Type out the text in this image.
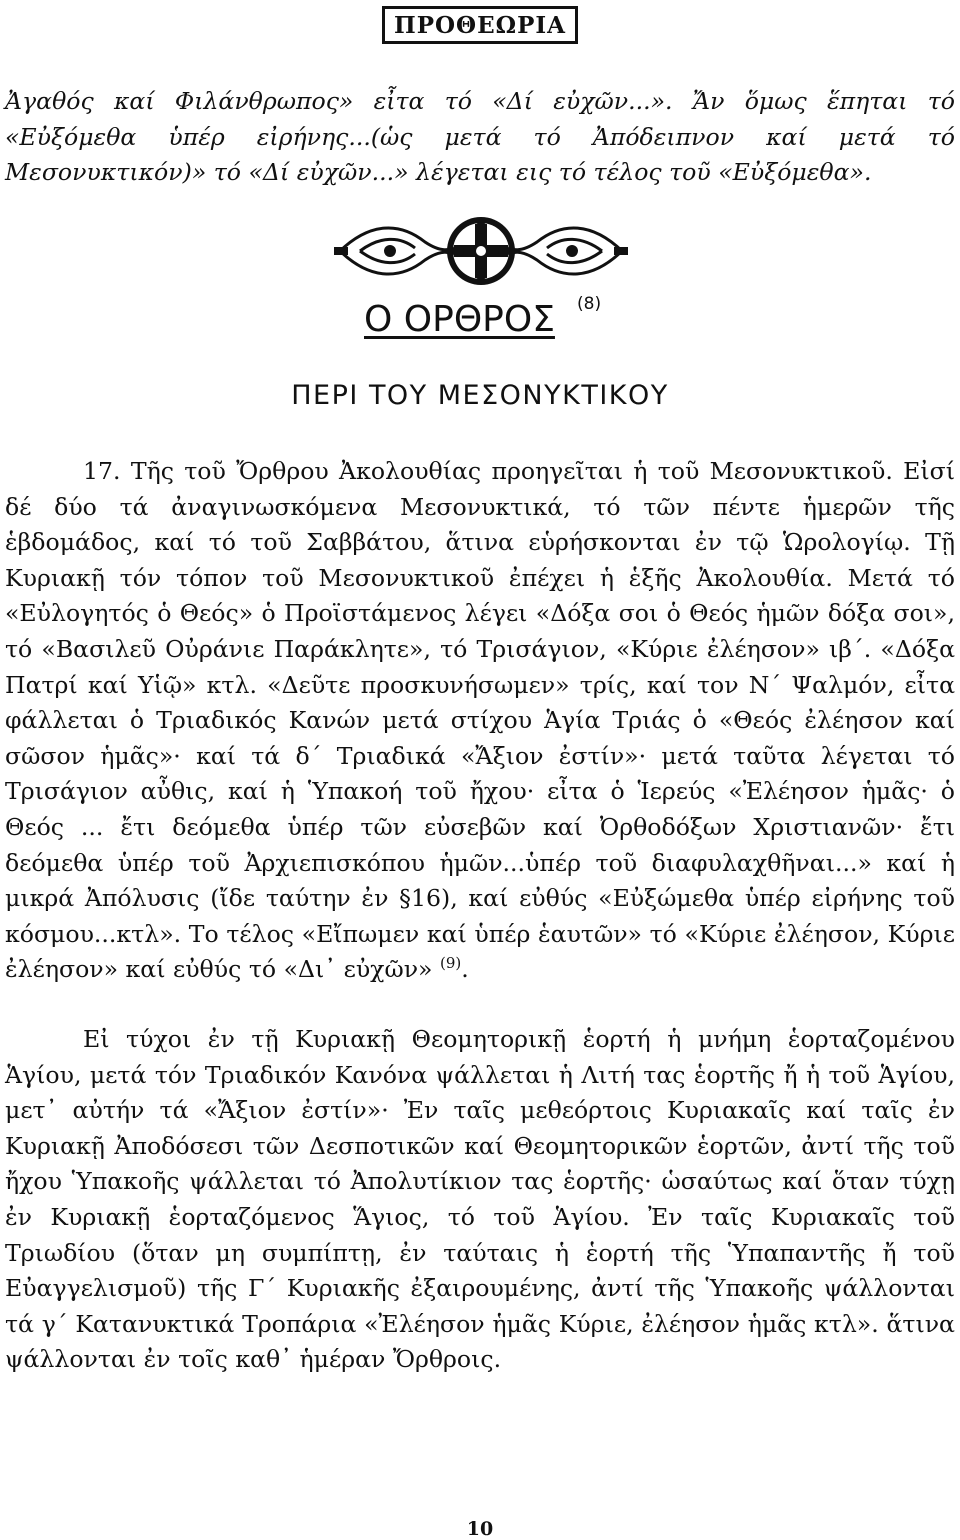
ΠΡΟΘΕΩΡΙΑ

Ἀγαθός καί Φιλάνθρωπος» εἶτα τό «Δί εὐχῶν...». Ἄν ὅμως ἕπηται τό «Εὐξόμεθα ὑπέρ εἰρήνης...(ὡς μετά τό Ἀπόδειπνον καί μετά τό Μεσονυκτικόν)» τό «Δί εὐχῶν...» λέγεται εις τό τέλος τοῦ «Εὐξόμεθα».

Ο ΟΡΘΡΟΣ (8)
ΠΕΡΙ ΤΟΥ ΜΕΣΟΝΥΚΤΙΚΟΥ

17. Τῆς τοῦ Ὄρθρου Ἀκολουθίας προηγεῖται ἡ τοῦ Μεσονυκτικοῦ. Εἰσί δέ δύο τά ἀναγινωσκόμενα Μεσονυκτικά, τό τῶν πέντε ἡμερῶν τῆς ἑβδομάδος, καί τό τοῦ Σαββάτου, ἅτινα εὑρήσκονται ἐν τῷ Ὡρολογίῳ. Τῇ Κυριακῇ τόν τόπον τοῦ Μεσονυκτικοῦ ἐπέχει ἡ ἑξῆς Ἀκολουθία. Μετά τό «Εὐλογητός ὁ Θεός» ὁ Προϊστάμενος λέγει «Δόξα σοι ὁ Θεός ἡμῶν δόξα σοι», τό «Βασιλεῦ Οὐράνιε Παράκλητε», τό Τρισάγιον, «Κύριε ἐλέησον» ιβ΄. «Δόξα Πατρί καί Υἱῷ» κτλ. «Δεῦτε προσκυνήσωμεν» τρίς, καί τον Ν΄ Ψαλμόν, εἶτα φάλλεται ὁ Τριαδικός Κανών μετά στίχου Ἁγία Τριάς ὁ «Θεός ἐλέησον καί σῶσον ἡμᾶς»· καί τά δ΄ Τριαδικά «Ἄξιον ἐστίν»· μετά ταῦτα λέγεται τό Τρισάγιον αὖθις, καί ἡ Ὑπακοή τοῦ ἤχου· εἶτα ὁ Ἱερεύς «Ἐλέησον ἡμᾶς· ὁ Θεός ... ἔτι δεόμεθα ὑπέρ τῶν εὐσεβῶν καί Ὀρθοδόξων Χριστιανῶν· ἔτι δεόμεθα ὑπέρ τοῦ Ἀρχιεπισκόπου ἡμῶν...ὑπέρ τοῦ διαφυλαχθῆναι...» καί ἡ μικρά Ἀπόλυσις (ἴδε ταύτην ἐν §16), καί εὐθύς «Εὐξώμεθα ὑπέρ εἰρήνης τοῦ κόσμου...κτλ». Το τέλος «Εἴπωμεν καί ὑπέρ ἑαυτῶν» τό «Κύριε ἐλέησον, Κύριε ἐλέησον» καί εὐθύς τό «Δι᾽ εὐχῶν» $^{(9)}$.

Εἰ τύχοι ἐν τῇ Κυριακῇ Θεομητορικῇ ἑορτή ἡ μνήμη ἑορταζομένου Ἁγίου, μετά τόν Τριαδικόν Κανόνα ψάλλεται ἡ Λιτή τας ἑορτῆς ἤ ἡ τοῦ Ἁγίου, μετ᾽ αὐτήν τά «Ἄξιον ἐστίν»· Ἐν ταῖς μεθεόρτοις Κυριακαῖς καί ταῖς ἐν Κυριακῇ Ἀποδόσεσι τῶν Δεσποτικῶν καί Θεομητορικῶν ἑορτῶν, ἀντί τῆς τοῦ ἤχου Ὑπακοῆς ψάλλεται τό Ἀπολυτίκιον τας ἑορτῆς· ὡσαύτως καί ὅταν τύχῃ ἐν Κυριακῇ ἑορταζόμενος Ἅγιος, τό τοῦ Ἁγίου. Ἐν ταῖς Κυριακαῖς τοῦ Τριωδίου (ὅταν μη συμπίπτῃ, ἐν ταύταις ἡ ἑορτή τῆς Ὑπαπαντῆς ἤ τοῦ Εὐαγγελισμοῦ) τῆς Γ΄ Κυριακῆς ἐξαιρουμένης, ἀντί τῆς Ὑπακοῆς ψάλλονται τά γ΄ Κατανυκτικά Τροπάρια «Ἐλέησον ἡμᾶς Κύριε, ἐλέησον ἡμᾶς κτλ». ἅτινα ψάλλονται ἐν τοῖς καθ᾽ ἡμέραν Ὄρθροις.

10
